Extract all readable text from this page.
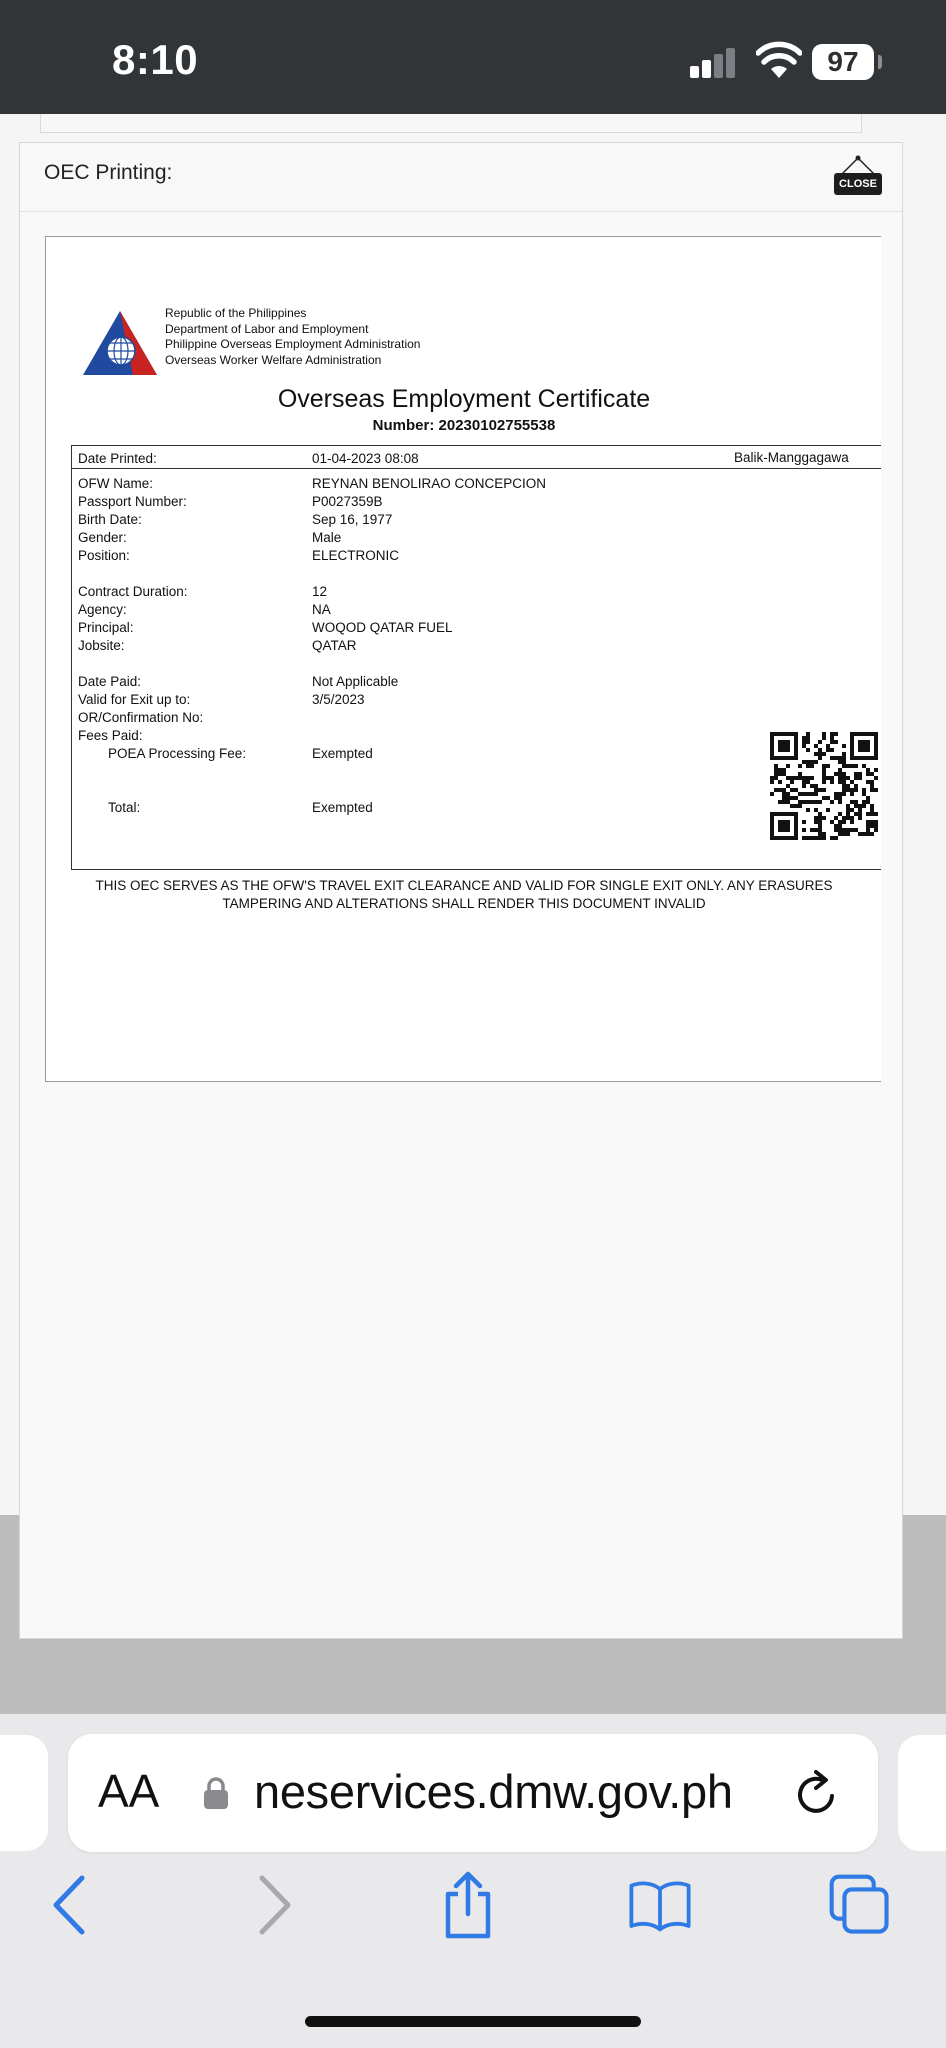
8:10	97
OEC Printing:	CLOSE
Republic of the Philippines
Department of Labor and Employment
Philippine Overseas Employment Administration
Overseas Worker Welfare Administration
Overseas Employment Certificate
Number: 20230102755538
Date Printed:	01-04-2023 08:08	Balik-Manggagawa
OFW Name:	REYNAN BENOLIRAO CONCEPCION
Passport Number:	P0027359B
Birth Date:	Sep 16, 1977
Gender:	Male
Position:	ELECTRONIC
Contract Duration:	12
Agency:	NA
Principal:	WOQOD QATAR FUEL
Jobsite:	QATAR
Date Paid:	Not Applicable
Valid for Exit up to:	3/5/2023
OR/Confirmation No:
Fees Paid:
POEA Processing Fee:	Exempted
Total:	Exempted
THIS OEC SERVES AS THE OFW'S TRAVEL EXIT CLEARANCE AND VALID FOR SINGLE EXIT ONLY. ANY ERASURES
TAMPERING AND ALTERATIONS SHALL RENDER THIS DOCUMENT INVALID
AA neservices.dmw.gov.ph
